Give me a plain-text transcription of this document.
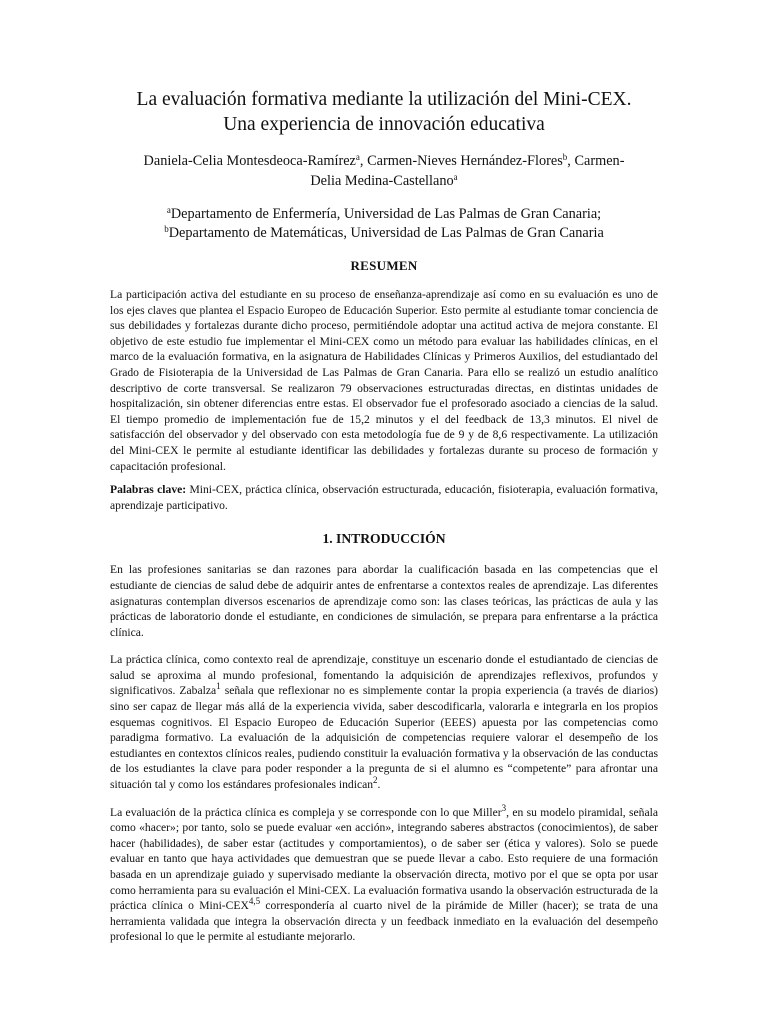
La evaluación formativa mediante la utilización del Mini-CEX.
Una experiencia de innovación educativa
Daniela-Celia Montesdeoca-Ramírez$^a$, Carmen-Nieves Hernández-Flores$^b$, Carmen-
Delia Medina-Castellano$^a$
$^a$Departamento de Enfermería, Universidad de Las Palmas de Gran Canaria;
$^b$Departamento de Matemáticas, Universidad de Las Palmas de Gran Canaria
RESUMEN

La participación activa del estudiante en su proceso de enseñanza-aprendizaje así como en su evaluación es uno de los ejes claves que plantea el Espacio Europeo de Educación Superior. Esto permite al estudiante tomar conciencia de sus debilidades y fortalezas durante dicho proceso, permitiéndole adoptar una actitud activa de mejora constante. El objetivo de este estudio fue implementar el Mini-CEX como un método para evaluar las habilidades clínicas, en el marco de la evaluación formativa, en la asignatura de Habilidades Clínicas y Primeros Auxilios, del estudiantado del Grado de Fisioterapia de la Universidad de Las Palmas de Gran Canaria. Para ello se realizó un estudio analítico descriptivo de corte transversal. Se realizaron 79 observaciones estructuradas directas, en distintas unidades de hospitalización, sin obtener diferencias entre estas. El observador fue el profesorado asociado a ciencias de la salud. El tiempo promedio de implementación fue de 15,2 minutos y el del feedback de 13,3 minutos. El nivel de satisfacción del observador y del observado con esta metodología fue de 9 y de 8,6 respectivamente. La utilización del Mini-CEX le permite al estudiante identificar las debilidades y fortalezas durante su proceso de formación y capacitación profesional.

Palabras clave: Mini-CEX, práctica clínica, observación estructurada, educación, fisioterapia, evaluación formativa, aprendizaje participativo.

1. INTRODUCCIÓN

En las profesiones sanitarias se dan razones para abordar la cualificación basada en las competencias que el estudiante de ciencias de salud debe de adquirir antes de enfrentarse a contextos reales de aprendizaje. Las diferentes asignaturas contemplan diversos escenarios de aprendizaje como son: las clases teóricas, las prácticas de aula y las prácticas de laboratorio donde el estudiante, en condiciones de simulación, se prepara para enfrentarse a la práctica clínica.

La práctica clínica, como contexto real de aprendizaje, constituye un escenario donde el estudiantado de ciencias de salud se aproxima al mundo profesional, fomentando la adquisición de aprendizajes reflexivos, profundos y significativos. Zabalza$^1$ señala que reflexionar no es simplemente contar la propia experiencia (a través de diarios) sino ser capaz de llegar más allá de la experiencia vivida, saber descodificarla, valorarla e integrarla en los propios esquemas cognitivos. El Espacio Europeo de Educación Superior (EEES) apuesta por las competencias como paradigma formativo. La evaluación de la adquisición de competencias requiere valorar el desempeño de los estudiantes en contextos clínicos reales, pudiendo constituir la evaluación formativa y la observación de las conductas de los estudiantes la clave para poder responder a la pregunta de si el alumno es “competente” para afrontar una situación tal y como los estándares profesionales indican$^2$.

La evaluación de la práctica clínica es compleja y se corresponde con lo que Miller$^3$, en su modelo piramidal, señala como «hacer»; por tanto, solo se puede evaluar «en acción», integrando saberes abstractos (conocimientos), de saber hacer (habilidades), de saber estar (actitudes y comportamientos), o de saber ser (ética y valores). Solo se puede evaluar en tanto que haya actividades que demuestran que se puede llevar a cabo. Esto requiere de una formación basada en un aprendizaje guiado y supervisado mediante la observación directa, motivo por el que se opta por usar como herramienta para su evaluación el Mini-CEX. La evaluación formativa usando la observación estructurada de la práctica clínica o Mini-CEX$^{4,5}$ correspondería al cuarto nivel de la pirámide de Miller (hacer); se trata de una herramienta validada que integra la observación directa y un feedback inmediato en la evaluación del desempeño profesional lo que le permite al estudiante mejorarlo.
